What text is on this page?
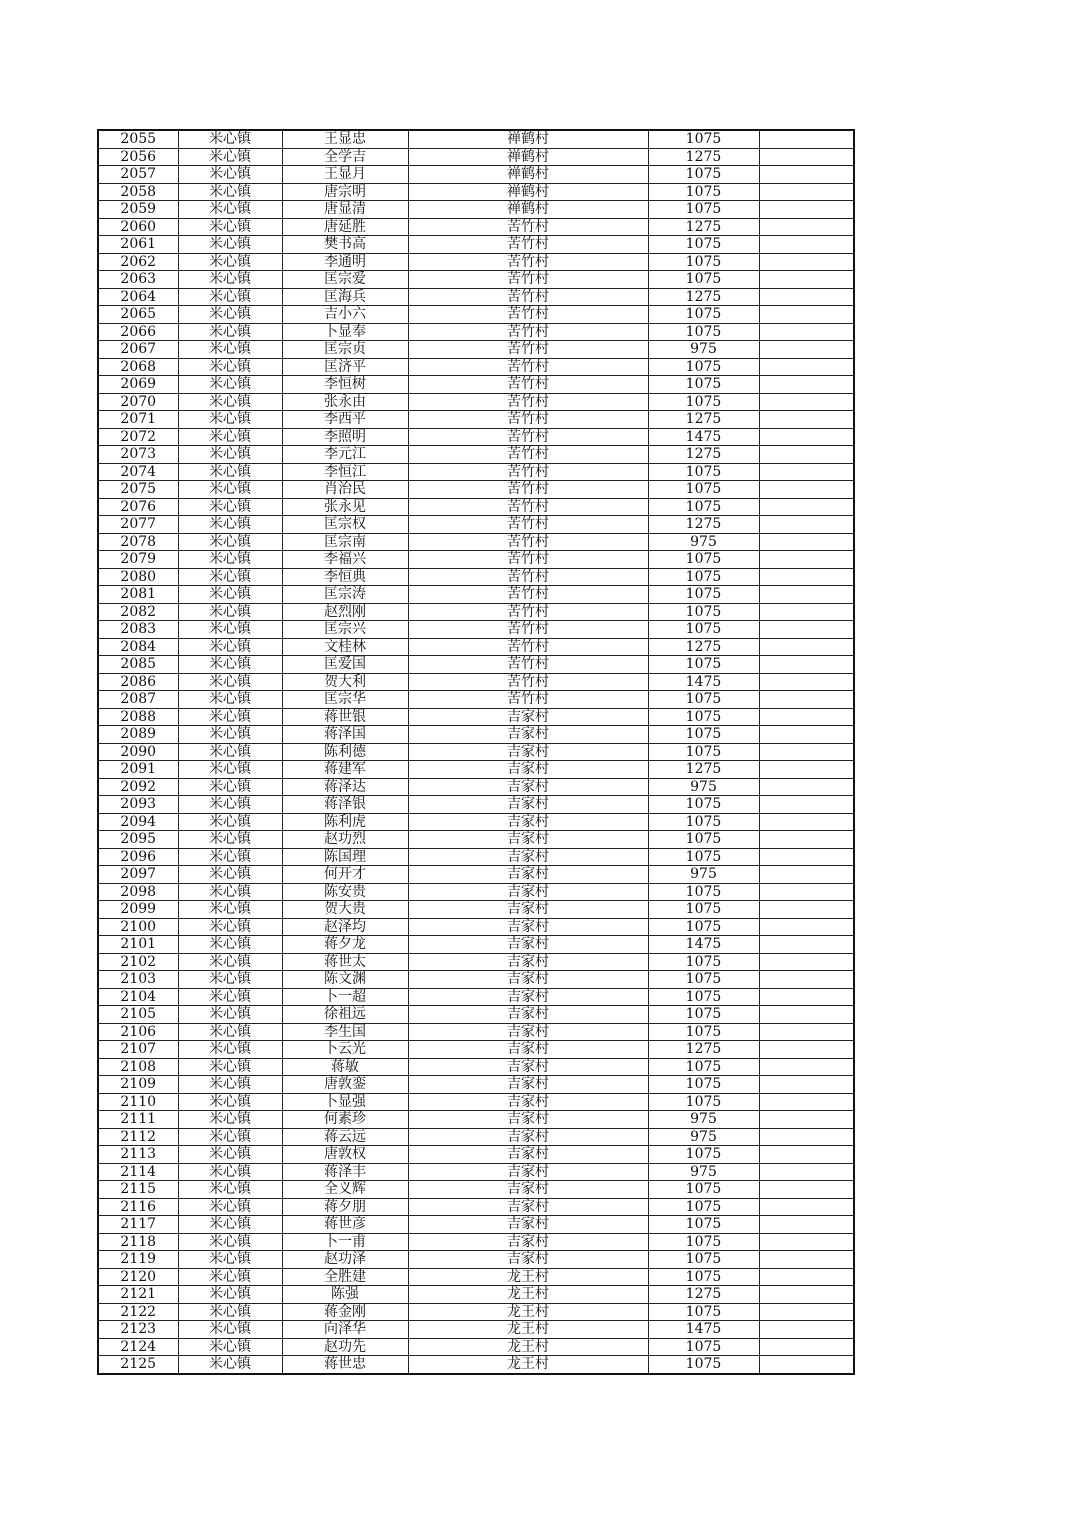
2055	米心镇	王显忠	禅鹤村	1075	
2056	米心镇	全学吉	禅鹤村	1275	
2057	米心镇	王显月	禅鹤村	1075	
2058	米心镇	唐宗明	禅鹤村	1075	
2059	米心镇	唐显清	禅鹤村	1075	
2060	米心镇	唐延胜	苦竹村	1275	
2061	米心镇	樊书高	苦竹村	1075	
2062	米心镇	李通明	苦竹村	1075	
2063	米心镇	匡宗爱	苦竹村	1075	
2064	米心镇	匡海兵	苦竹村	1275	
2065	米心镇	吉小六	苦竹村	1075	
2066	米心镇	卜显奉	苦竹村	1075	
2067	米心镇	匡宗贞	苦竹村	975	
2068	米心镇	匡济平	苦竹村	1075	
2069	米心镇	李恒树	苦竹村	1075	
2070	米心镇	张永由	苦竹村	1075	
2071	米心镇	李西平	苦竹村	1275	
2072	米心镇	李照明	苦竹村	1475	
2073	米心镇	李元江	苦竹村	1275	
2074	米心镇	李恒江	苦竹村	1075	
2075	米心镇	肖治民	苦竹村	1075	
2076	米心镇	张永见	苦竹村	1075	
2077	米心镇	匡宗权	苦竹村	1275	
2078	米心镇	匡宗南	苦竹村	975	
2079	米心镇	李福兴	苦竹村	1075	
2080	米心镇	李恒典	苦竹村	1075	
2081	米心镇	匡宗涛	苦竹村	1075	
2082	米心镇	赵烈刚	苦竹村	1075	
2083	米心镇	匡宗兴	苦竹村	1075	
2084	米心镇	文桂林	苦竹村	1275	
2085	米心镇	匡爱国	苦竹村	1075	
2086	米心镇	贺大利	苦竹村	1475	
2087	米心镇	匡宗华	苦竹村	1075	
2088	米心镇	蒋世银	吉家村	1075	
2089	米心镇	蒋泽国	吉家村	1075	
2090	米心镇	陈利德	吉家村	1075	
2091	米心镇	蒋建军	吉家村	1275	
2092	米心镇	蒋泽达	吉家村	975	
2093	米心镇	蒋泽银	吉家村	1075	
2094	米心镇	陈利虎	吉家村	1075	
2095	米心镇	赵功烈	吉家村	1075	
2096	米心镇	陈国理	吉家村	1075	
2097	米心镇	何开才	吉家村	975	
2098	米心镇	陈安贵	吉家村	1075	
2099	米心镇	贺大贵	吉家村	1075	
2100	米心镇	赵泽均	吉家村	1075	
2101	米心镇	蒋夕龙	吉家村	1475	
2102	米心镇	蒋世太	吉家村	1075	
2103	米心镇	陈文渊	吉家村	1075	
2104	米心镇	卜一超	吉家村	1075	
2105	米心镇	徐祖远	吉家村	1075	
2106	米心镇	李生国	吉家村	1075	
2107	米心镇	卜云光	吉家村	1275	
2108	米心镇	蒋敏	吉家村	1075	
2109	米心镇	唐敦銮	吉家村	1075	
2110	米心镇	卜显强	吉家村	1075	
2111	米心镇	何素珍	吉家村	975	
2112	米心镇	蒋云远	吉家村	975	
2113	米心镇	唐敦权	吉家村	1075	
2114	米心镇	蒋泽丰	吉家村	975	
2115	米心镇	全义辉	吉家村	1075	
2116	米心镇	蒋夕朋	吉家村	1075	
2117	米心镇	蒋世彦	吉家村	1075	
2118	米心镇	卜一甫	吉家村	1075	
2119	米心镇	赵功泽	吉家村	1075	
2120	米心镇	全胜建	龙王村	1075	
2121	米心镇	陈强	龙王村	1275	
2122	米心镇	蒋金刚	龙王村	1075	
2123	米心镇	向泽华	龙王村	1475	
2124	米心镇	赵功先	龙王村	1075	
2125	米心镇	蒋世忠	龙王村	1075	
